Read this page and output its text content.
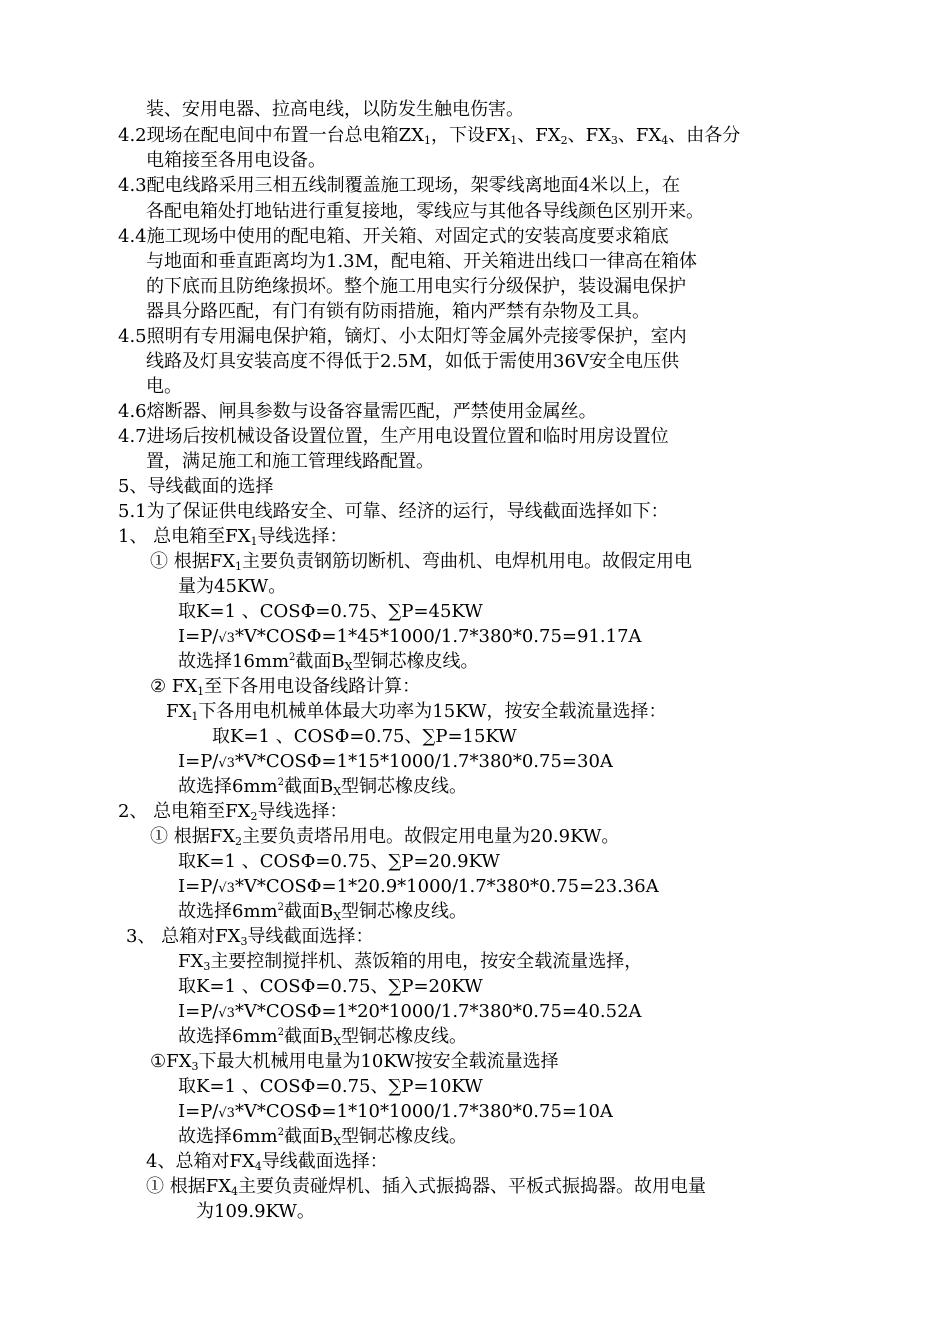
装、安用电器、拉高电线，以防发生触电伤害。
4.2现场在配电间中布置一台总电箱$ZX_1$，下设$FX_1$、$FX_2$、$FX_3$、$FX_4$、由各分
电箱接至各用电设备。
4.3配电线路采用三相五线制覆盖施工现场，架零线离地面4米以上，在
各配电箱处打地钻进行重复接地，零线应与其他各导线颜色区别开来。
4.4施工现场中使用的配电箱、开关箱、对固定式的安装高度要求箱底
与地面和垂直距离均为1.3M，配电箱、开关箱进出线口一律高在箱体
的下底而且防绝缘损坏。整个施工用电实行分级保护，装设漏电保护
器具分路匹配，有门有锁有防雨措施，箱内严禁有杂物及工具。
4.5照明有专用漏电保护箱，镝灯、小太阳灯等金属外壳接零保护，室内
线路及灯具安装高度不得低于2.5M，如低于需使用36V安全电压供
电。
4.6熔断器、闸具参数与设备容量需匹配，严禁使用金属丝。
4.7进场后按机械设备设置位置，生产用电设置位置和临时用房设置位
置，满足施工和施工管理线路配置。
5、导线截面的选择
5.1为了保证供电线路安全、可靠、经济的运行，导线截面选择如下：
1、 总电箱至$FX_1$导线选择：
① 根据$FX_1$主要负责钢筋切断机、弯曲机、电焊机用电。故假定用电
量为45KW。
取K=1 、COSΦ=0.75、∑P=45KW
I=P/√3*V*COSΦ=1*45*1000/1.7*380*0.75=91.17A
故选择$16mm^2$截面$B_X$型铜芯橡皮线。
② $FX_1$至下各用电设备线路计算：
$FX_1$下各用电机械单体最大功率为15KW，按安全载流量选择：
取K=1 、COSΦ=0.75、∑P=15KW
I=P/√3*V*COSΦ=1*15*1000/1.7*380*0.75=30A
故选择$6mm^2$截面$B_X$型铜芯橡皮线。
2、 总电箱至$FX_2$导线选择：
① 根据$FX_2$主要负责塔吊用电。故假定用电量为20.9KW。
取K=1 、COSΦ=0.75、∑P=20.9KW
I=P/√3*V*COSΦ=1*20.9*1000/1.7*380*0.75=23.36A
故选择$6mm^2$截面$B_X$型铜芯橡皮线。
3、 总箱对$FX_3$导线截面选择：
$FX_3$主要控制搅拌机、蒸饭箱的用电，按安全载流量选择，
取K=1 、COSΦ=0.75、∑P=20KW
I=P/√3*V*COSΦ=1*20*1000/1.7*380*0.75=40.52A
故选择$6mm^2$截面$B_X$型铜芯橡皮线。
$①FX_3$下最大机械用电量为10KW按安全载流量选择
取K=1 、COSΦ=0.75、∑P=10KW
I=P/√3*V*COSΦ=1*10*1000/1.7*380*0.75=10A
故选择$6mm^2$截面$B_X$型铜芯橡皮线。
4、总箱对$FX_4$导线截面选择：
① 根据$FX_4$主要负责碰焊机、插入式振捣器、平板式振捣器。故用电量
为109.9KW。
